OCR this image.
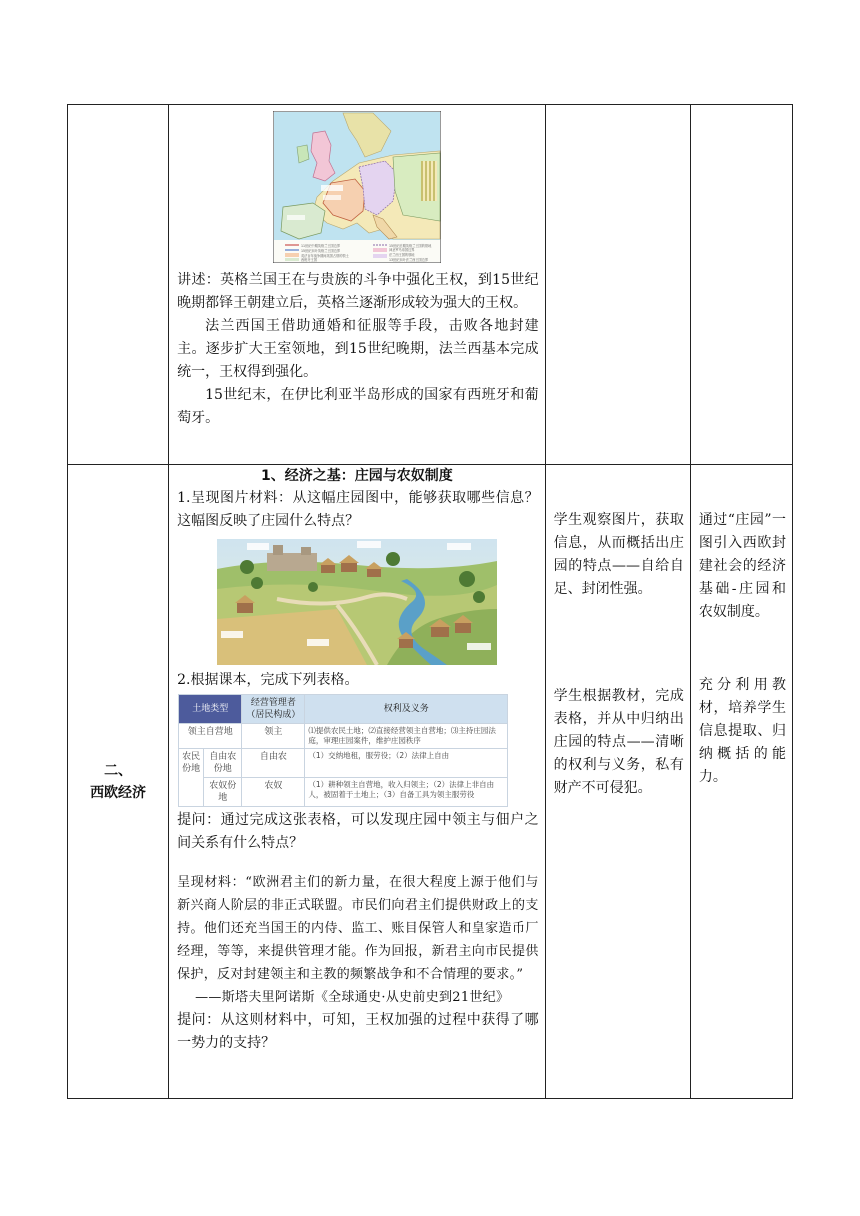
11世纪中期英格兰王国边界
15世纪末叶英格兰王国边界
英法百年战争期间英国占领的领土
西班牙王国
15世纪后期英格兰王国的领地
神圣罗马帝国边界
法兰西王国的领地
13世纪末叶法兰西王国边界

讲述：英格兰国王在与贵族的斗争中强化王权，到15世纪晚期都铎王朝建立后，英格兰逐渐形成较为强大的王权。

法兰西国王借助通婚和征服等手段，击败各地封建主。逐步扩大王室领地，到15世纪晚期，法兰西基本完成统一，王权得到强化。

15世纪末，在伊比利亚半岛形成的国家有西班牙和葡萄牙。

二、
西欧经济

1、经济之基：庄园与农奴制度

1.呈现图片材料：从这幅庄园图中，能够获取哪些信息？这幅图反映了庄园什么特点？

2.根据课本，完成下列表格。

土地类型	经营管理者（居民构成）	权利及义务
领主自营地	领主	⑴提供农民土地；⑵直接经营领主自营地；⑶主持庄园法庭，审理庄园案件，维护庄园秩序
农民份地	自由农份地	自由农	（1）交纳地租，服劳役；（2）法律上自由
农奴份地	农奴	（1）耕种领主自营地，收入归领主；（2）法律上非自由人，被固着于土地上；（3）自备工具为领主服劳役

提问：通过完成这张表格，可以发现庄园中领主与佃户之间关系有什么特点？

呈现材料：“欧洲君主们的新力量，在很大程度上源于他们与新兴商人阶层的非正式联盟。市民们向君主们提供财政上的支持。他们还充当国王的内侍、监工、账目保管人和皇家造币厂经理，等等，来提供管理才能。作为回报，新君主向市民提供保护，反对封建领主和主教的频繁战争和不合情理的要求。”

——斯塔夫里阿诺斯《全球通史·从史前史到21世纪》

提问：从这则材料中，可知，王权加强的过程中获得了哪一势力的支持？

学生观察图片，获取信息，从而概括出庄园的特点——自给自足、封闭性强。
学生根据教材，完成表格，并从中归纳出庄园的特点——清晰的权利与义务，私有财产不可侵犯。

通过“庄园”一图引入西欧封建社会的经济基础-庄园和农奴制度。
充分利用教材，培养学生信息提取、归纳概括的能力。
